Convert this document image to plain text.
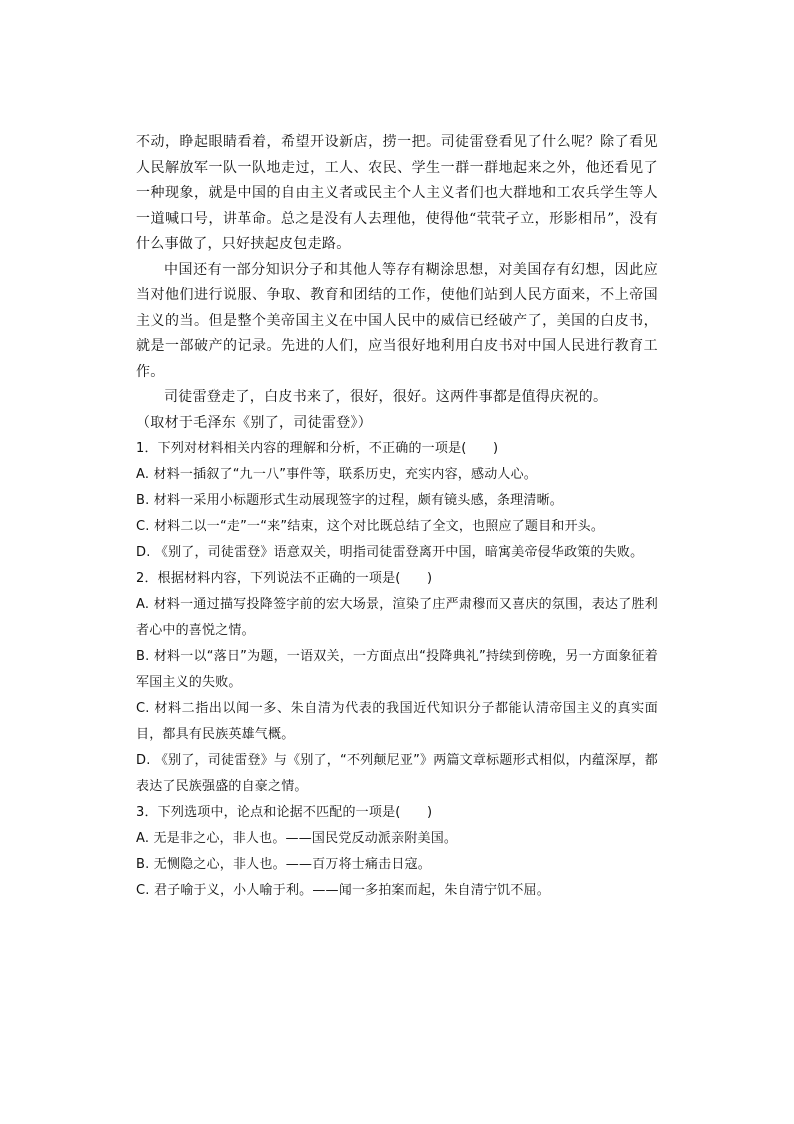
不动，睁起眼睛看着，希望开设新店，捞一把。司徒雷登看见了什么呢？除了看见人民解放军一队一队地走过，工人、农民、学生一群一群地起来之外，他还看见了一种现象，就是中国的自由主义者或民主个人主义者们也大群地和工农兵学生等人一道喊口号，讲革命。总之是没有人去理他，使得他“茕茕孑立，形影相吊”，没有什么事做了，只好挟起皮包走路。

中国还有一部分知识分子和其他人等存有糊涂思想，对美国存有幻想，因此应当对他们进行说服、争取、教育和团结的工作，使他们站到人民方面来，不上帝国主义的当。但是整个美帝国主义在中国人民中的威信已经破产了，美国的白皮书，就是一部破产的记录。先进的人们，应当很好地利用白皮书对中国人民进行教育工作。

司徒雷登走了，白皮书来了，很好，很好。这两件事都是值得庆祝的。

（取材于毛泽东《别了，司徒雷登》）

1．下列对材料相关内容的理解和分析，不正确的一项是(　　)

A. 材料一插叙了“九一八”事件等，联系历史，充实内容，感动人心。

B. 材料一采用小标题形式生动展现签字的过程，颇有镜头感，条理清晰。

C. 材料二以一“走”一“来”结束，这个对比既总结了全文，也照应了题目和开头。

D. 《别了，司徒雷登》语意双关，明指司徒雷登离开中国，暗寓美帝侵华政策的失败。

2．根据材料内容，下列说法不正确的一项是(　　)

A. 材料一通过描写投降签字前的宏大场景，渲染了庄严肃穆而又喜庆的氛围，表达了胜利者心中的喜悦之情。

B. 材料一以“落日”为题，一语双关，一方面点出“投降典礼”持续到傍晚，另一方面象征着军国主义的失败。

C. 材料二指出以闻一多、朱自清为代表的我国近代知识分子都能认清帝国主义的真实面目，都具有民族英雄气概。

D. 《别了，司徒雷登》与《别了，“不列颠尼亚”》两篇文章标题形式相似，内蕴深厚，都表达了民族强盛的自豪之情。

3．下列选项中，论点和论据不匹配的一项是(　　)

A. 无是非之心，非人也。——国民党反动派亲附美国。

B. 无恻隐之心，非人也。——百万将士痛击日寇。

C. 君子喻于义，小人喻于利。——闻一多拍案而起，朱自清宁饥不屈。
